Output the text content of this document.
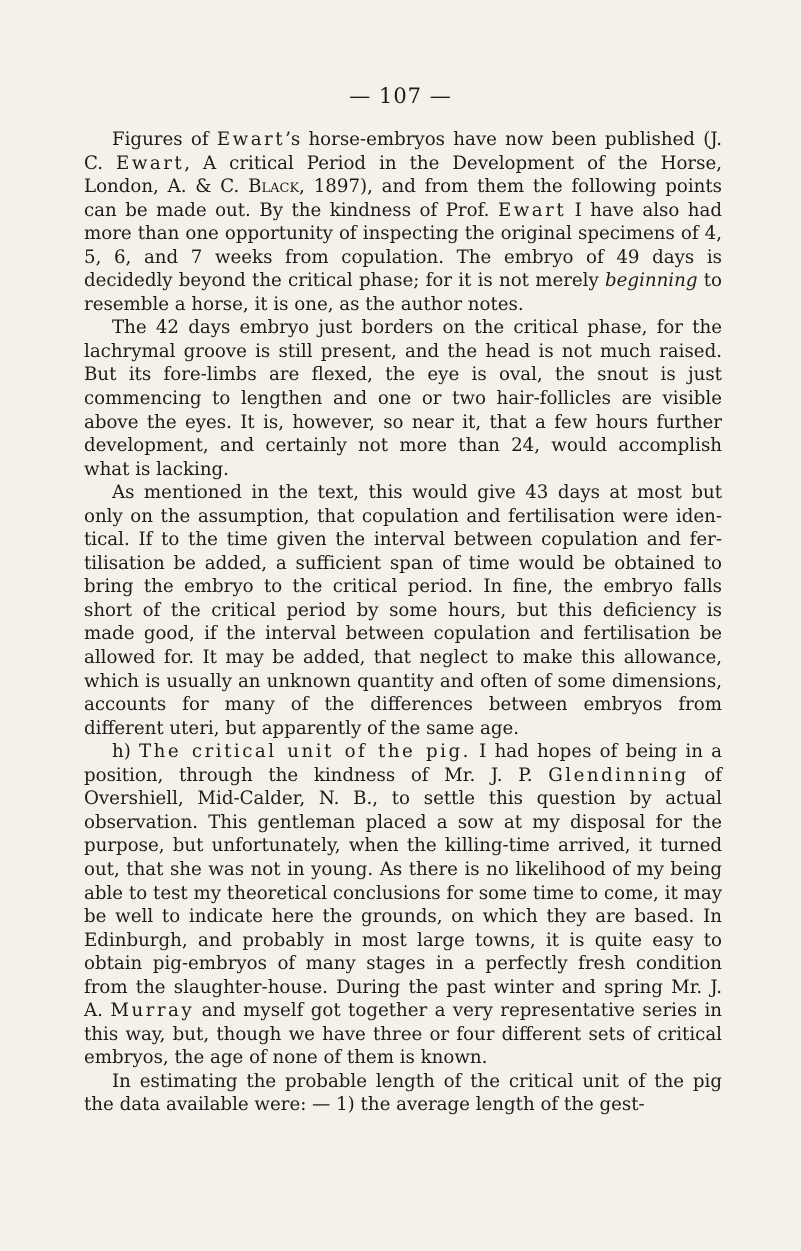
— 107 —

Figures of Ewart’s horse-embryos have now been published (J. C. Ewart, A critical Period in the Development of the Horse, London, A. & C. Black, 1897), and from them the following points can be made out. By the kindness of Prof. Ewart I have also had more than one opportunity of inspecting the original specimens of 4, 5, 6, and 7 weeks from copulation. The embryo of 49 days is decidedly beyond the critical phase; for it is not merely beginning to resemble a horse, it is one, as the author notes.

The 42 days embryo just borders on the critical phase, for the lachrymal groove is still present, and the head is not much raised. But its fore-limbs are flexed, the eye is oval, the snout is just commencing to lengthen and one or two hair-follicles are visible above the eyes. It is, however, so near it, that a few hours further development, and certainly not more than 24, would accomplish what is lacking.

As mentioned in the text, this would give 43 days at most but only on the assumption, that copulation and fertilisation were identical. If to the time given the interval between copulation and fertilisation be added, a sufficient span of time would be obtained to bring the embryo to the critical period. In fine, the embryo falls short of the critical period by some hours, but this deficiency is made good, if the interval between copulation and fertilisation be allowed for. It may be added, that neglect to make this allowance, which is usually an unknown quantity and often of some dimensions, accounts for many of the differences between embryos from different uteri, but apparently of the same age.

h) The critical unit of the pig. I had hopes of being in a position, through the kindness of Mr. J. P. Glendinning of Overshiell, Mid-Calder, N. B., to settle this question by actual observation. This gentleman placed a sow at my disposal for the purpose, but unfortunately, when the killing-time arrived, it turned out, that she was not in young. As there is no likelihood of my being able to test my theoretical conclusions for some time to come, it may be well to indicate here the grounds, on which they are based. In Edinburgh, and probably in most large towns, it is quite easy to obtain pig-embryos of many stages in a perfectly fresh condition from the slaughter-house. During the past winter and spring Mr. J. A. Murray and myself got together a very representative series in this way, but, though we have three or four different sets of critical embryos, the age of none of them is known.

In estimating the probable length of the critical unit of the pig the data available were: — 1) the average length of the gest-
